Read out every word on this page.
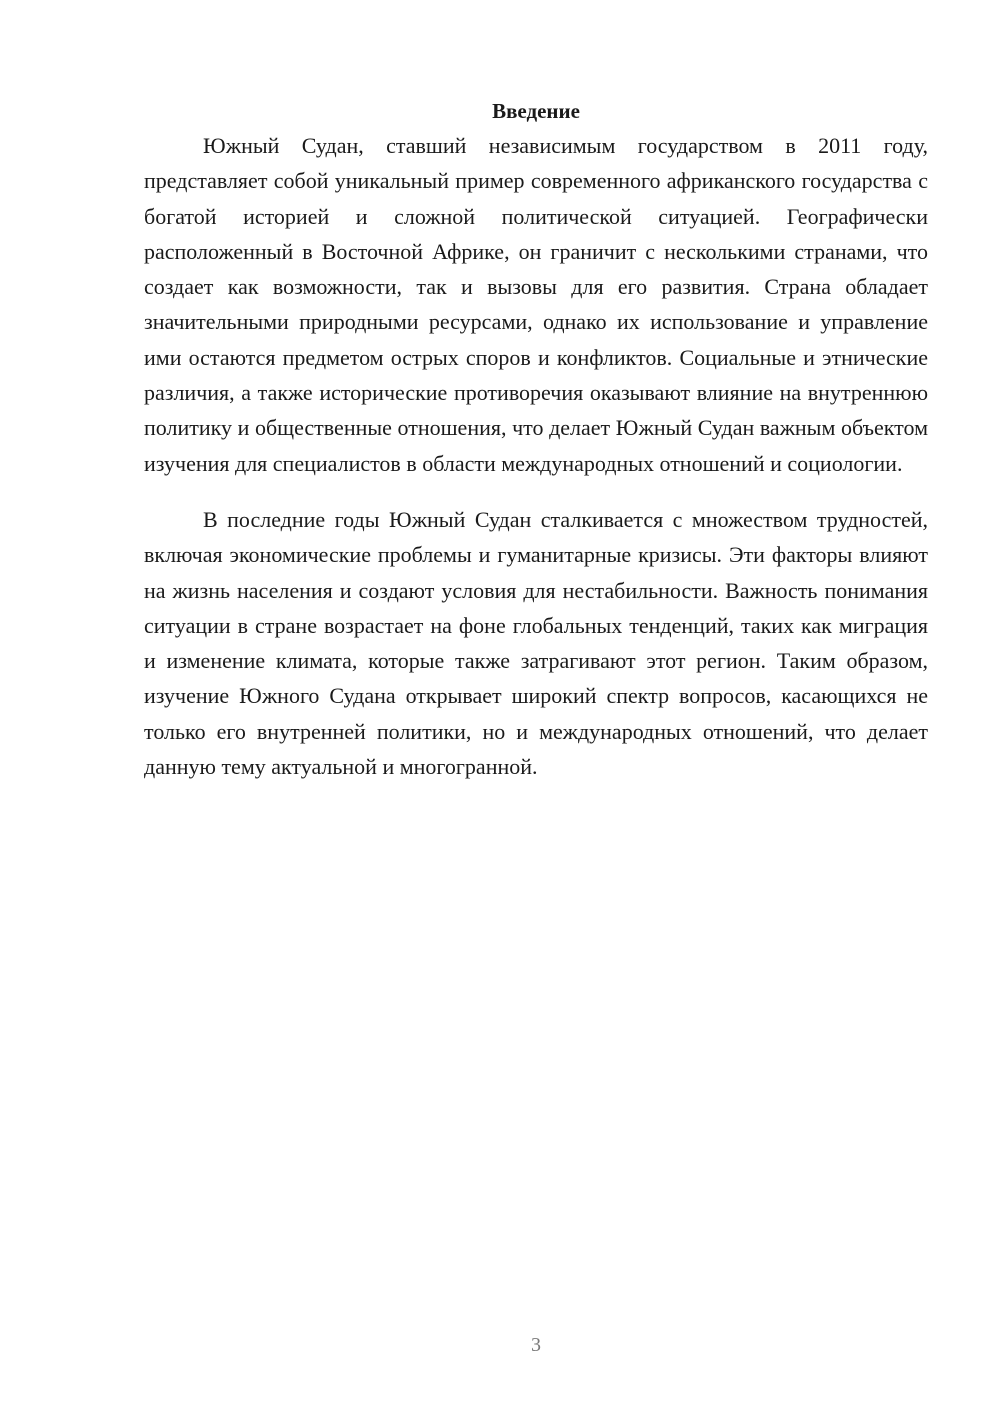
Введение

Южный Судан, ставший независимым государством в 2011 году, представляет собой уникальный пример современного африканского государства с богатой историей и сложной политической ситуацией. Географически расположенный в Восточной Африке, он граничит с несколькими странами, что создает как возможности, так и вызовы для его развития. Страна обладает значительными природными ресурсами, однако их использование и управление ими остаются предметом острых споров и конфликтов. Социальные и этнические различия, а также исторические противоречия оказывают влияние на внутреннюю политику и общественные отношения, что делает Южный Судан важным объектом изучения для специалистов в области международных отношений и социологии.

В последние годы Южный Судан сталкивается с множеством трудностей, включая экономические проблемы и гуманитарные кризисы. Эти факторы влияют на жизнь населения и создают условия для нестабильности. Важность понимания ситуации в стране возрастает на фоне глобальных тенденций, таких как миграция и изменение климата, которые также затрагивают этот регион. Таким образом, изучение Южного Судана открывает широкий спектр вопросов, касающихся не только его внутренней политики, но и международных отношений, что делает данную тему актуальной и многогранной.

3
